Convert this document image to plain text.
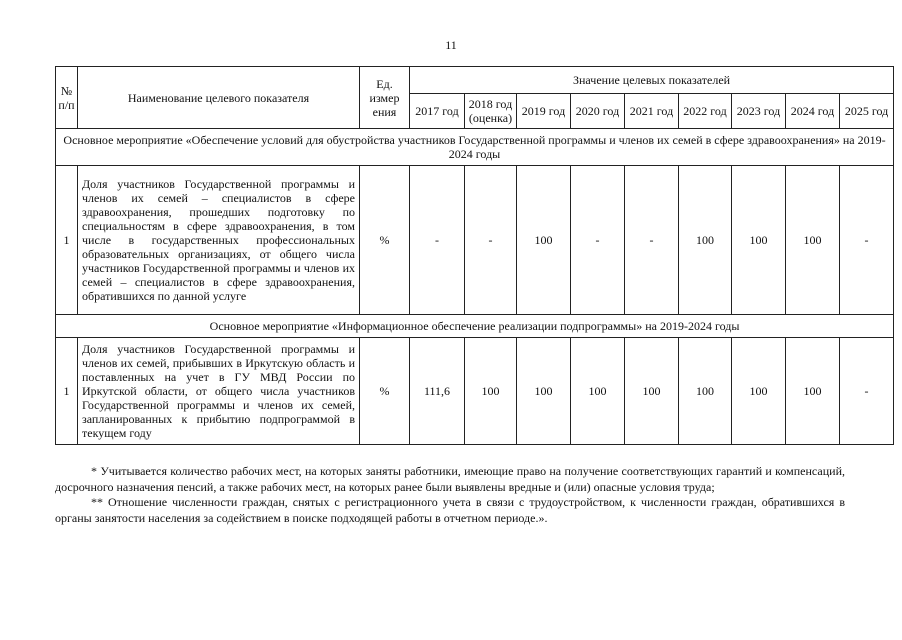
11
№ п/п	Наименование целевого показателя	Ед. измер ения	Значение целевых показателей								
			2017 год	2018 год (оценка)	2019 год	2020 год	2021 год	2022 год	2023 год	2024 год	2025 год
Основное мероприятие «Обеспечение условий для обустройства участников Государственной программы и членов их семей в сфере здравоохранения» на 2019-2024 годы											
1	Доля участников Государственной программы и членов их семей – специалистов в сфере здравоохранения, прошедших подготовку по специальностям в сфере здравоохранения, в том числе в государственных профессиональных образовательных организациях, от общего числа участников Государственной программы и членов их семей – специалистов в сфере здравоохранения, обратившихся по данной услуге	%	-	-	100	-	-	100	100	100	-
Основное мероприятие «Информационное обеспечение реализации подпрограммы» на 2019-2024 годы											
1	Доля участников Государственной программы и членов их семей, прибывших в Иркутскую область и поставленных на учет в ГУ МВД России по Иркутской области, от общего числа участников Государственной программы и членов их семей, запланированных к прибытию подпрограммой в текущем году	%	111,6	100	100	100	100	100	100	100	-

* Учитывается количество рабочих мест, на которых заняты работники, имеющие право на получение соответствующих гарантий и компенсаций, досрочного назначения пенсий, а также рабочих мест, на которых ранее были выявлены вредные и (или) опасные условия труда;

** Отношение численности граждан, снятых с регистрационного учета в связи с трудоустройством, к численности граждан, обратившихся в органы занятости населения за содействием в поиске подходящей работы в отчетном периоде.».
